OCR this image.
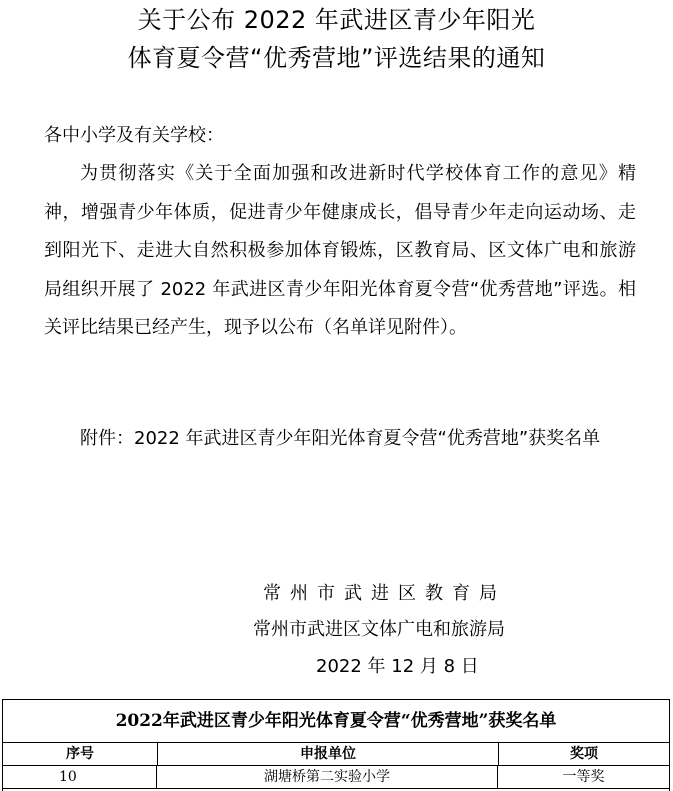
关于公布 2022 年武进区青少年阳光
体育夏令营“优秀营地”评选结果的通知
各中小学及有关学校：
为贯彻落实《关于全面加强和改进新时代学校体育工作的意见》精神，增强青少年体质，促进青少年健康成长，倡导青少年走向运动场、走到阳光下、走进大自然积极参加体育锻炼，区教育局、区文体广电和旅游局组织开展了 2022 年武进区青少年阳光体育夏令营“优秀营地”评选。相关评比结果已经产生，现予以公布（名单详见附件）。
附件：2022 年武进区青少年阳光体育夏令营“优秀营地”获奖名单
常州市武进区教育局
常州市武进区文体广电和旅游局
2022 年 12 月 8 日
2022年武进区青少年阳光体育夏令营“优秀营地”获奖名单
序号	申报单位	奖项
10	湖塘桥第二实验小学	一等奖
